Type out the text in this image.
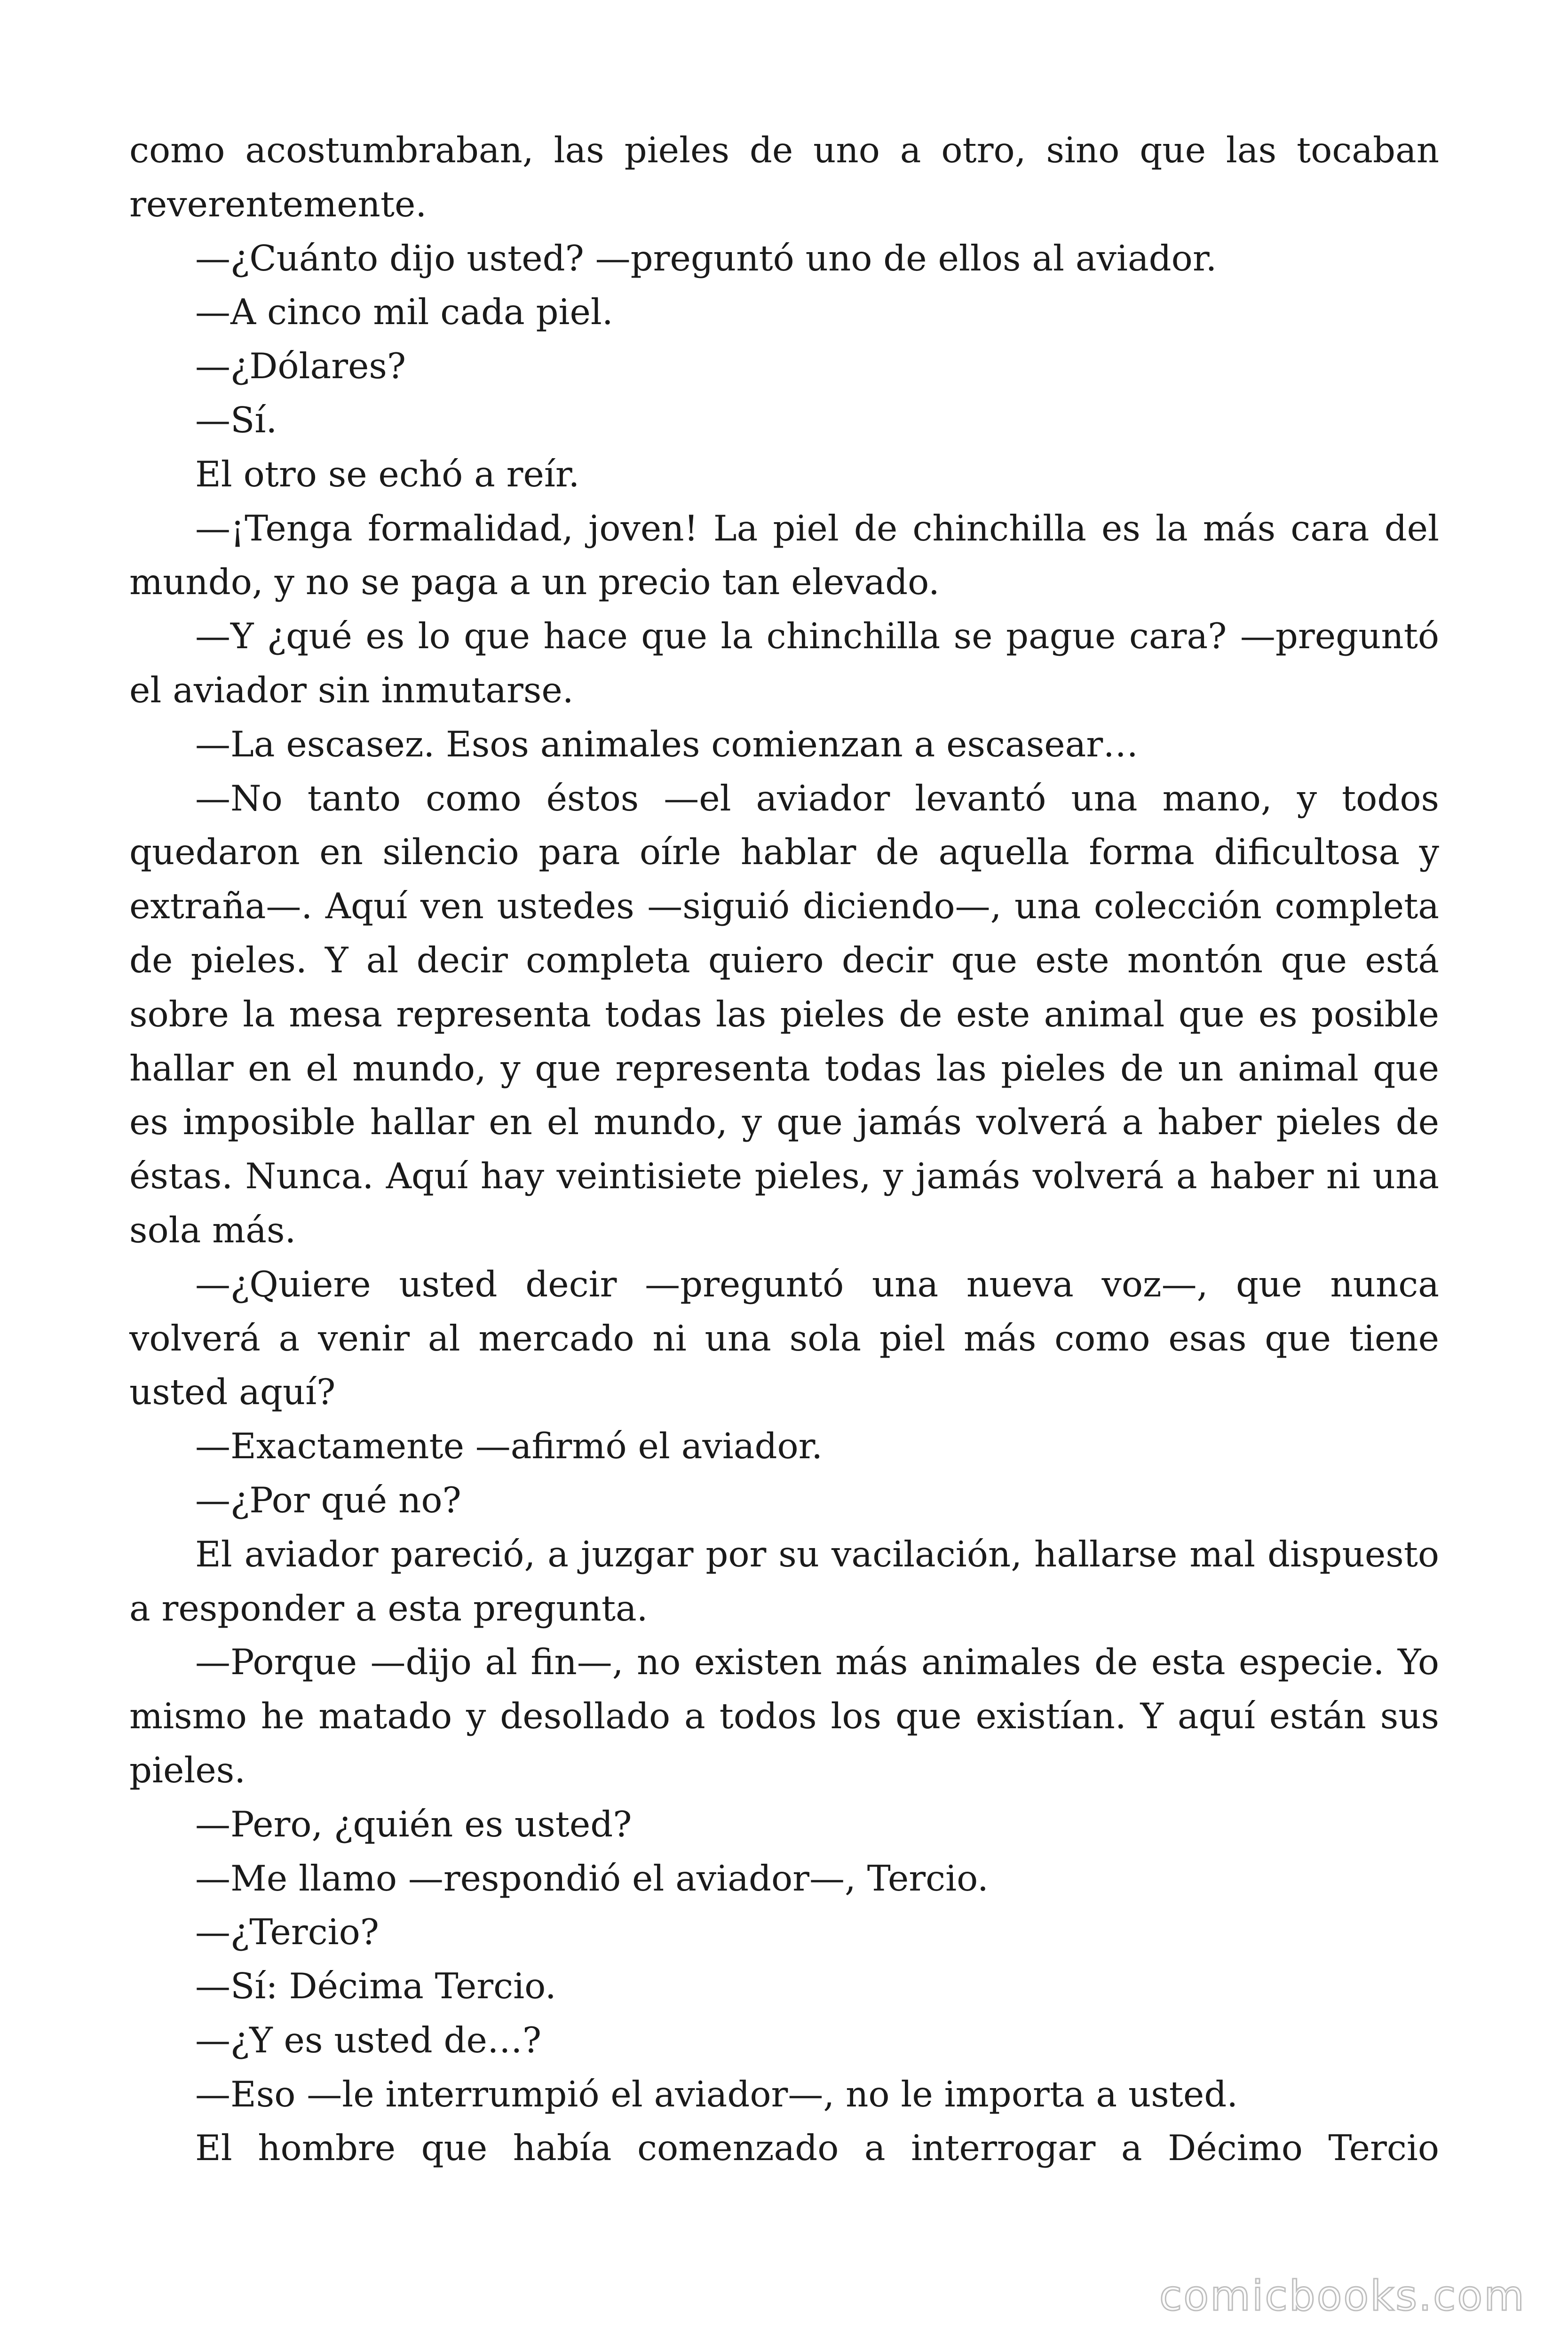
como acostumbraban, las pieles de uno a otro, sino que las tocaban reverentemente.

—¿Cuánto dijo usted? —preguntó uno de ellos al aviador.

—A cinco mil cada piel.

—¿Dólares?

—Sí.

El otro se echó a reír.

—¡Tenga formalidad, joven! La piel de chinchilla es la más cara del mundo, y no se paga a un precio tan elevado.

—Y ¿qué es lo que hace que la chinchilla se pague cara? —preguntó el aviador sin inmutarse.

—La escasez. Esos animales comienzan a escasear…

—No tanto como éstos —el aviador levantó una mano, y todos quedaron en silencio para oírle hablar de aquella forma dificultosa y extraña—. Aquí ven ustedes —siguió diciendo—, una colección completa de pieles. Y al decir completa quiero decir que este montón que está sobre la mesa representa todas las pieles de este animal que es posible hallar en el mundo, y que representa todas las pieles de un animal que es imposible hallar en el mundo, y que jamás volverá a haber pieles de éstas. Nunca. Aquí hay veintisiete pieles, y jamás volverá a haber ni una sola más.

—¿Quiere usted decir —preguntó una nueva voz—, que nunca volverá a venir al mercado ni una sola piel más como esas que tiene usted aquí?

—Exactamente —afirmó el aviador.

—¿Por qué no?

El aviador pareció, a juzgar por su vacilación, hallarse mal dispuesto a responder a esta pregunta.

—Porque —dijo al fin—, no existen más animales de esta especie. Yo mismo he matado y desollado a todos los que existían. Y aquí están sus pieles.

—Pero, ¿quién es usted?

—Me llamo —respondió el aviador—, Tercio.

—¿Tercio?

—Sí: Décima Tercio.

—¿Y es usted de…?

—Eso —le interrumpió el aviador—, no le importa a usted.

El hombre que había comenzado a interrogar a Décimo Tercio

comicbooks.com
